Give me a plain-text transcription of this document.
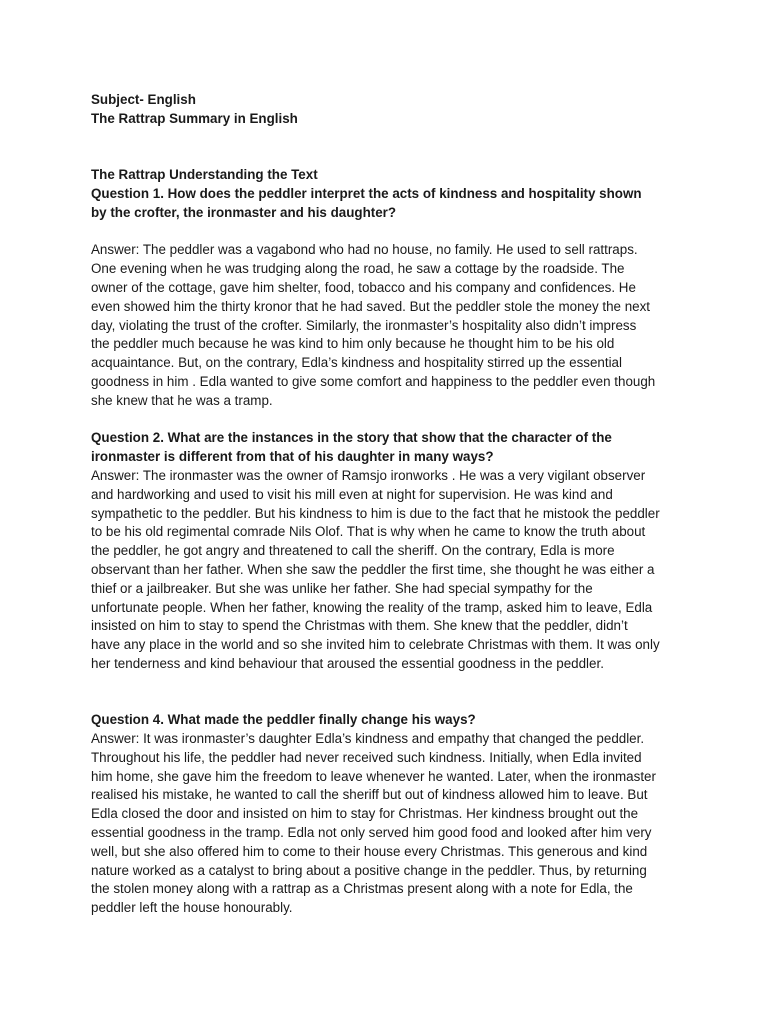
Subject- English

The Rattrap Summary in English

The Rattrap Understanding the Text

Question 1. How does the peddler interpret the acts of kindness and hospitality shown

by the crofter, the ironmaster and his daughter?

Answer: The peddler was a vagabond who had no house, no family. He used to sell rattraps.

One evening when he was trudging along the road, he saw a cottage by the roadside. The

owner of the cottage, gave him shelter, food, tobacco and his company and confidences. He

even showed him the thirty kronor that he had saved. But the peddler stole the money the next

day, violating the trust of the crofter. Similarly, the ironmaster’s hospitality also didn’t impress

the peddler much because he was kind to him only because he thought him to be his old

acquaintance. But, on the contrary, Edla’s kindness and hospitality stirred up the essential

goodness in him . Edla wanted to give some comfort and happiness to the peddler even though

she knew that he was a tramp.

Question 2. What are the instances in the story that show that the character of the

ironmaster is different from that of his daughter in many ways?

Answer: The ironmaster was the owner of Ramsjo ironworks . He was a very vigilant observer

and hardworking and used to visit his mill even at night for supervision. He was kind and

sympathetic to the peddler. But his kindness to him is due to the fact that he mistook the peddler

to be his old regimental comrade Nils Olof. That is why when he came to know the truth about

the peddler, he got angry and threatened to call the sheriff. On the contrary, Edla is more

observant than her father. When she saw the peddler the first time, she thought he was either a

thief or a jailbreaker. But she was unlike her father. She had special sympathy for the

unfortunate people. When her father, knowing the reality of the tramp, asked him to leave, Edla

insisted on him to stay to spend the Christmas with them. She knew that the peddler, didn’t

have any place in the world and so she invited him to celebrate Christmas with them. It was only

her tenderness and kind behaviour that aroused the essential goodness in the peddler.

Question 4. What made the peddler finally change his ways?

Answer: It was ironmaster’s daughter Edla’s kindness and empathy that changed the peddler.

Throughout his life, the peddler had never received such kindness. Initially, when Edla invited

him home, she gave him the freedom to leave whenever he wanted. Later, when the ironmaster

realised his mistake, he wanted to call the sheriff but out of kindness allowed him to leave. But

Edla closed the door and insisted on him to stay for Christmas. Her kindness brought out the

essential goodness in the tramp. Edla not only served him good food and looked after him very

well, but she also offered him to come to their house every Christmas. This generous and kind

nature worked as a catalyst to bring about a positive change in the peddler. Thus, by returning

the stolen money along with a rattrap as a Christmas present along with a note for Edla, the

peddler left the house honourably.
